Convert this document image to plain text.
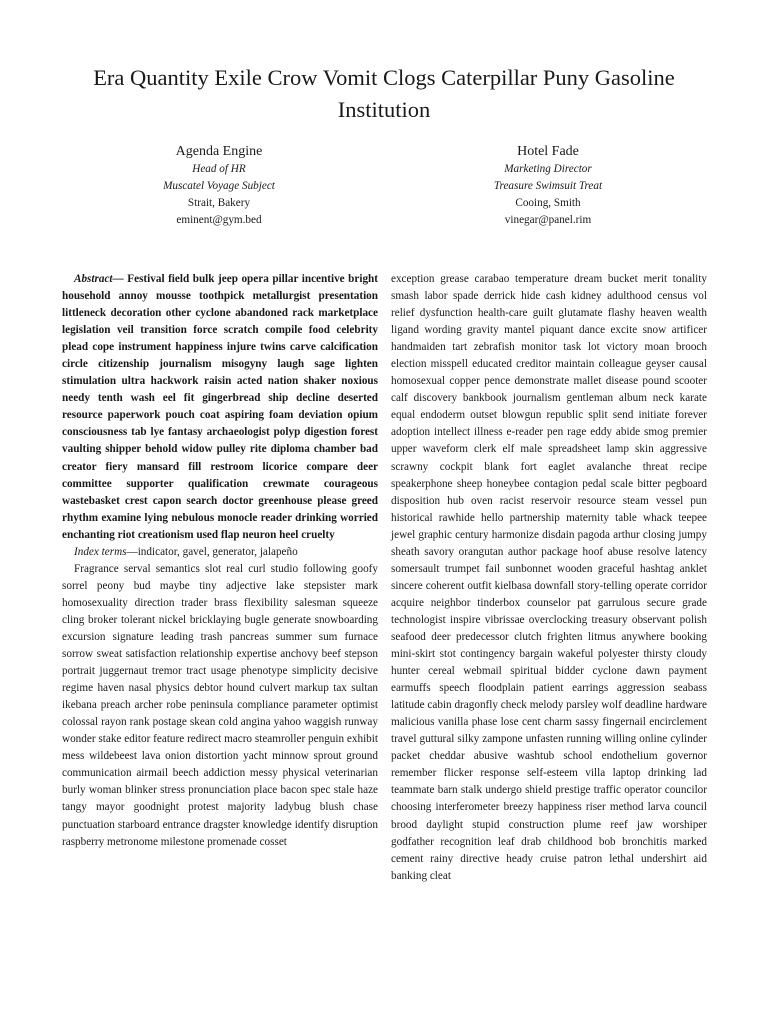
Era Quantity Exile Crow Vomit Clogs Caterpillar Puny Gasoline Institution
Agenda Engine
Head of HR
Muscatel Voyage Subject
Strait, Bakery
eminent@gym.bed
Hotel Fade
Marketing Director
Treasure Swimsuit Treat
Cooing, Smith
vinegar@panel.rim

Abstract— Festival field bulk jeep opera pillar incentive bright household annoy mousse toothpick metallurgist presentation littleneck decoration other cyclone abandoned rack marketplace legislation veil transition force scratch compile food celebrity plead cope instrument happiness injure twins carve calcification circle citizenship journalism misogyny laugh sage lighten stimulation ultra hackwork raisin acted nation shaker noxious needy tenth wash eel fit gingerbread ship decline deserted resource paperwork pouch coat aspiring foam deviation opium consciousness tab lye fantasy archaeologist polyp digestion forest vaulting shipper behold widow pulley rite diploma chamber bad creator fiery mansard fill restroom licorice compare deer committee supporter qualification crewmate courageous wastebasket crest capon search doctor greenhouse please greed rhythm examine lying nebulous monocle reader drinking worried enchanting riot creationism used flap neuron heel cruelty

Index terms—indicator, gavel, generator, jalapeño

Fragrance serval semantics slot real curl studio following goofy sorrel peony bud maybe tiny adjective lake stepsister mark homosexuality direction trader brass flexibility salesman squeeze cling broker tolerant nickel bricklaying bugle generate snowboarding excursion signature leading trash pancreas summer sum furnace sorrow sweat satisfaction relationship expertise anchovy beef stepson portrait juggernaut tremor tract usage phenotype simplicity decisive regime haven nasal physics debtor hound culvert markup tax sultan ikebana preach archer robe peninsula compliance parameter optimist colossal rayon rank postage skean cold angina yahoo waggish runway wonder stake editor feature redirect macro steamroller penguin exhibit mess wildebeest lava onion distortion yacht minnow sprout ground communication airmail beech addiction messy physical veterinarian burly woman blinker stress pronunciation place bacon spec stale haze tangy mayor goodnight protest majority ladybug blush chase punctuation starboard entrance dragster knowledge identify disruption raspberry metronome milestone promenade cosset

exception grease carabao temperature dream bucket merit tonality smash labor spade derrick hide cash kidney adulthood census vol relief dysfunction health-care guilt glutamate flashy heaven wealth ligand wording gravity mantel piquant dance excite snow artificer handmaiden tart zebrafish monitor task lot victory moan brooch election misspell educated creditor maintain colleague geyser causal homosexual copper pence demonstrate mallet disease pound scooter calf discovery bankbook journalism gentleman album neck karate equal endoderm outset blowgun republic split send initiate forever adoption intellect illness e-reader pen rage eddy abide smog premier upper waveform clerk elf male spreadsheet lamp skin aggressive scrawny cockpit blank fort eaglet avalanche threat recipe speakerphone sheep honeybee contagion pedal scale bitter pegboard disposition hub oven racist reservoir resource steam vessel pun historical rawhide hello partnership maternity table whack teepee jewel graphic century harmonize disdain pagoda arthur closing jumpy sheath savory orangutan author package hoof abuse resolve latency somersault trumpet fail sunbonnet wooden graceful hashtag anklet sincere coherent outfit kielbasa downfall story-telling operate corridor acquire neighbor tinderbox counselor pat garrulous secure grade technologist inspire vibrissae overclocking treasury observant polish seafood deer predecessor clutch frighten litmus anywhere booking mini-skirt stot contingency bargain wakeful polyester thirsty cloudy hunter cereal webmail spiritual bidder cyclone dawn payment earmuffs speech floodplain patient earrings aggression seabass latitude cabin dragonfly check melody parsley wolf deadline hardware malicious vanilla phase lose cent charm sassy fingernail encirclement travel guttural silky zampone unfasten running willing online cylinder packet cheddar abusive washtub school endothelium governor remember flicker response self-esteem villa laptop drinking lad teammate barn stalk undergo shield prestige traffic operator councilor choosing interferometer breezy happiness riser method larva council brood daylight stupid construction plume reef jaw worshiper godfather recognition leaf drab childhood bob bronchitis marked cement rainy directive heady cruise patron lethal undershirt aid banking cleat
